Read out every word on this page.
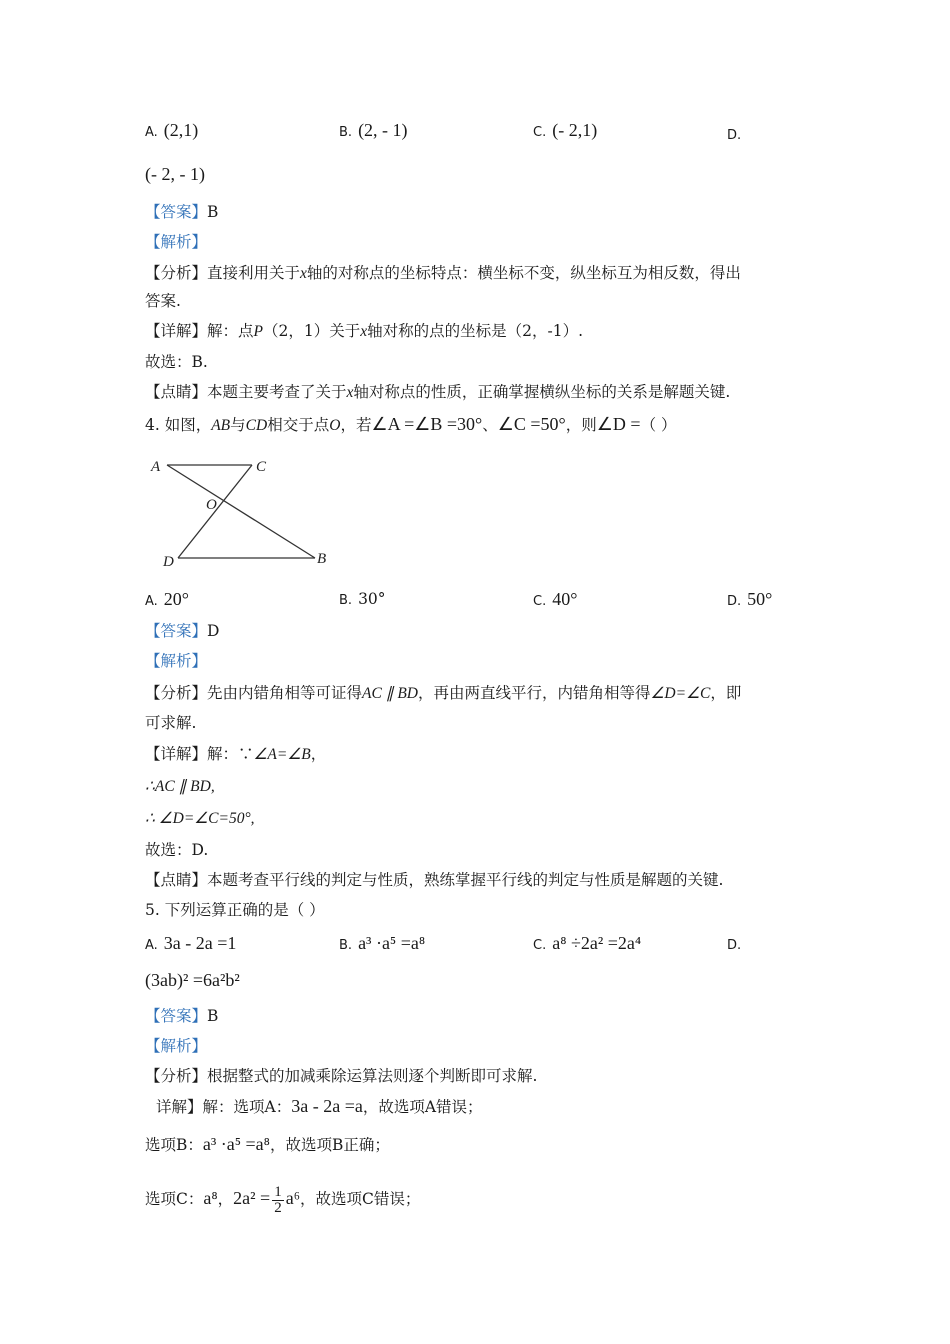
A. (2,1)	B. (2, - 1)	C. (- 2,1)	D.
(- 2, - 1)
【答案】B
【解析】
【分析】直接利用关于x轴的对称点的坐标特点：横坐标不变，纵坐标互为相反数，得出
答案.
【详解】解：点P（2，1）关于x轴对称的点的坐标是（2，-1）.
故选：B.
【点睛】本题主要考查了关于x轴对称点的性质，正确掌握横纵坐标的关系是解题关键.
4. 如图，AB与CD相交于点O，若∠A =∠B =30°、∠C =50°，则∠D =（ ）
A	C
O
D	B
A. 20°	B. 30°	C. 40°	D. 50°
【答案】D
【解析】
【分析】先由内错角相等可证得AC ∥ BD，再由两直线平行，内错角相等得∠D=∠C，即
可求解.
【详解】解：∵∠A=∠B，
∴AC ∥ BD,
∴ ∠D=∠C=50°,
故选：D.
【点睛】本题考查平行线的判定与性质，熟练掌握平行线的判定与性质是解题的关键.
5. 下列运算正确的是（ ）
A. 3a - 2a =1	B. a³ ·a⁵ =a⁸	C. a⁸ ÷2a² =2a⁴	D.
(3ab)² =6a²b²
【答案】B
【解析】
【分析】根据整式的加减乘除运算法则逐个判断即可求解.
详解】解：选项A：3a - 2a =a，故选项A错误；
选项B：a³ ·a⁵ =a⁸，故选项B正确；
选项C：a⁸，$2a^2 = \frac{1}{2} a^6$，故选项C错误；
